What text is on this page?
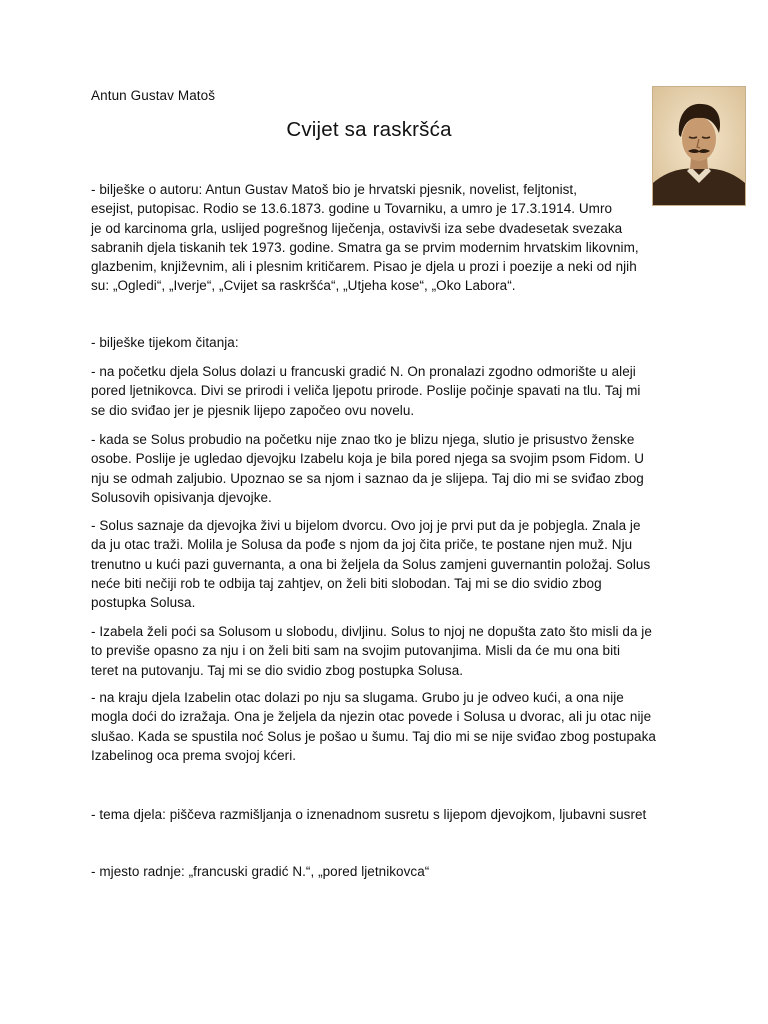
Antun Gustav Matoš
Cvijet sa raskršća
- bilješke o autoru: Antun Gustav Matoš bio je hrvatski pjesnik, novelist, feljtonist,
esejist, putopisac. Rodio se 13.6.1873. godine u Tovarniku, a umro je 17.3.1914. Umro
je od karcinoma grla, uslijed pogrešnog liječenja, ostavivši iza sebe dvadesetak svezaka
sabranih djela tiskanih tek 1973. godine. Smatra ga se prvim modernim hrvatskim likovnim,
glazbenim, književnim, ali i plesnim kritičarem. Pisao je djela u prozi i poezije a neki od njih
su: „Ogledi“, „Iverje“, „Cvijet sa raskršća“, „Utjeha kose“, „Oko Labora“.
- bilješke tijekom čitanja:
- na početku djela Solus dolazi u francuski gradić N. On pronalazi zgodno odmorište u aleji
pored ljetnikovca. Divi se prirodi i veliča ljepotu prirode. Poslije počinje spavati na tlu. Taj mi
se dio sviđao jer je pjesnik lijepo započeo ovu novelu.
- kada se Solus probudio na početku nije znao tko je blizu njega, slutio je prisustvo ženske
osobe. Poslije je ugledao djevojku Izabelu koja je bila pored njega sa svojim psom Fidom. U
nju se odmah zaljubio. Upoznao se sa njom i saznao da je slijepa. Taj dio mi se sviđao zbog
Solusovih opisivanja djevojke.
- Solus saznaje da djevojka živi u bijelom dvorcu. Ovo joj je prvi put da je pobjegla. Znala je
da ju otac traži. Molila je Solusa da pođe s njom da joj čita priče, te postane njen muž. Nju
trenutno u kući pazi guvernanta, a ona bi željela da Solus zamjeni guvernantin položaj. Solus
neće biti nečiji rob te odbija taj zahtjev, on želi biti slobodan. Taj mi se dio svidio zbog
postupka Solusa.
- Izabela želi poći sa Solusom u slobodu, divljinu. Solus to njoj ne dopušta zato što misli da je
to previše opasno za nju i on želi biti sam na svojim putovanjima. Misli da će mu ona biti
teret na putovanju. Taj mi se dio svidio zbog postupka Solusa.
- na kraju djela Izabelin otac dolazi po nju sa slugama. Grubo ju je odveo kući, a ona nije
mogla doći do izražaja. Ona je željela da njezin otac povede i Solusa u dvorac, ali ju otac nije
slušao. Kada se spustila noć Solus je pošao u šumu. Taj dio mi se nije sviđao zbog postupaka
Izabelinog oca prema svojoj kćeri.
- tema djela: piščeva razmišljanja o iznenadnom susretu s lijepom djevojkom, ljubavni susret
- mjesto radnje: „francuski gradić N.“, „pored ljetnikovca“
